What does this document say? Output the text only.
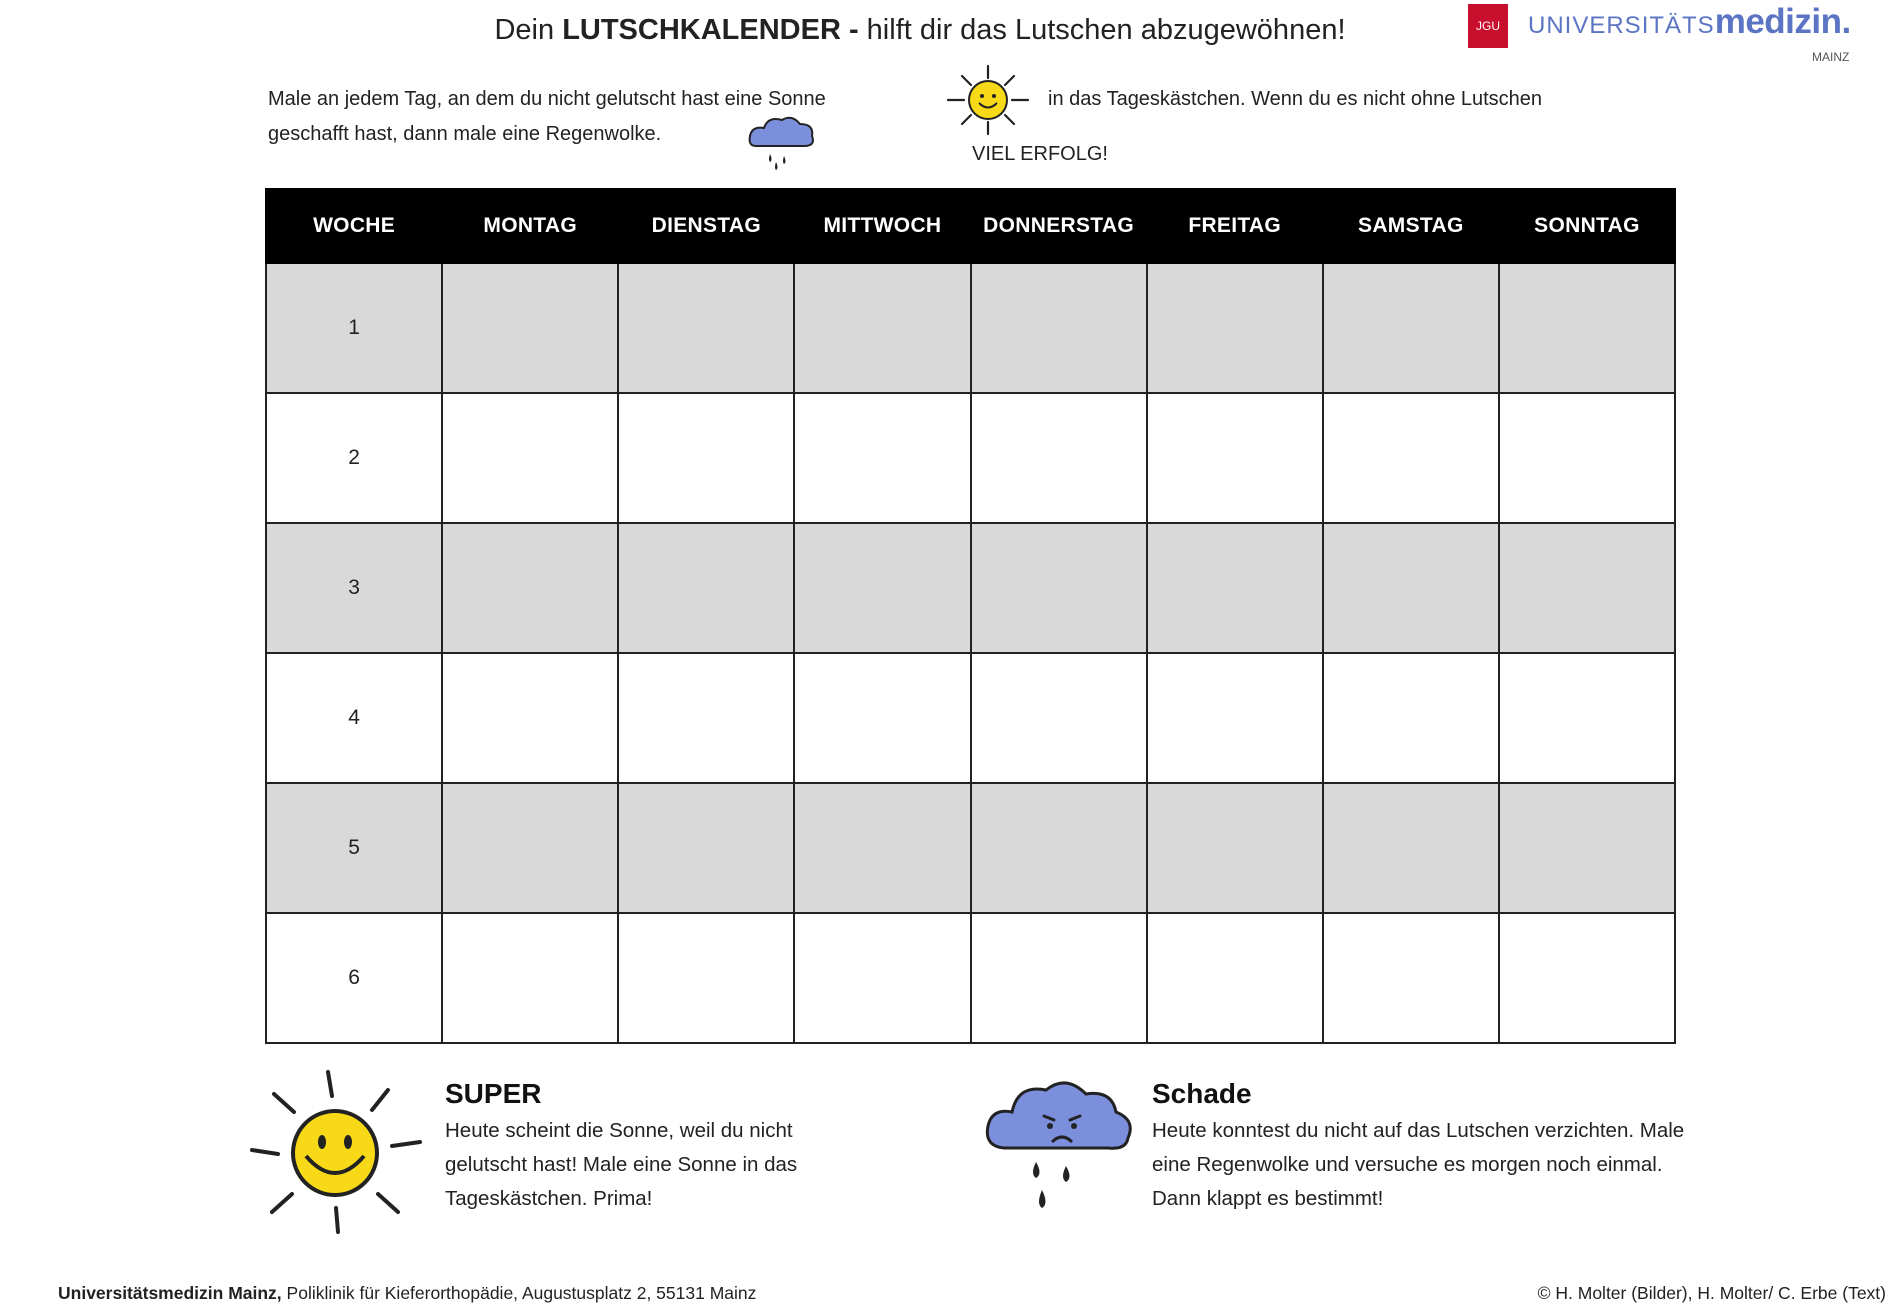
Dein LUTSCHKALENDER - hilft dir das Lutschen abzugewöhnen!	JGU UNIVERSITÄTSmedizin.
MAINZ
Male an jedem Tag, an dem du nicht gelutscht hast eine Sonne	in das Tageskästchen. Wenn du es nicht ohne Lutschen
geschafft hast, dann male eine Regenwolke.
VIEL ERFOLG!
WOCHE	MONTAG	DIENSTAG	MITTWOCH	DONNERSTAG	FREITAG	SAMSTAG	SONNTAG
1							
2							
3							
4							
5							
6							
SUPER
Heute scheint die Sonne, weil du nicht gelutscht hast! Male eine Sonne in das Tageskästchen. Prima!
Schade
Heute konntest du nicht auf das Lutschen verzichten. Male eine Regenwolke und versuche es morgen noch einmal. Dann klappt es bestimmt!
Universitätsmedizin Mainz, Poliklinik für Kieferorthopädie, Augustusplatz 2, 55131 Mainz	© H. Molter (Bilder), H. Molter/ C. Erbe (Text)
